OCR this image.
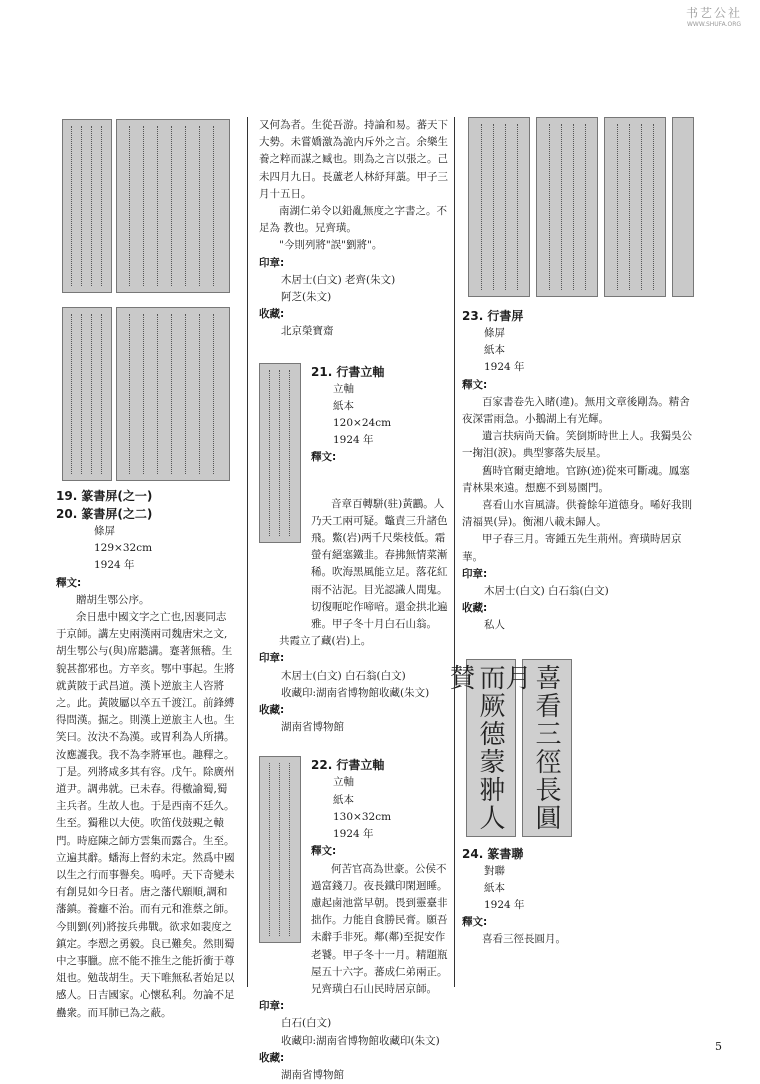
书艺公社
WWW.SHUFA.ORG
19. 篆書屏(之一)
20. 篆書屏(之二)
條屏
129×32cm
1924 年
釋文:

贈胡生鄂公序。

余日患中國文字之亡也,因裹同志于京師。講左史兩漢兩司魏唐宋之文,胡生鄂公与(與)席聽講。蹇著無稽。生貌甚都邪也。方辛亥。鄂中事起。生將就黃陂于武昌道。漢卜逆旅主人咨將之。此。黃陂屬以卒五千渡江。前鋒縛得問漢。掘之。則漢上逆旅主人也。生笑曰。汝決不為漢。或胃利為人所搆。汝應護我。我不為李將軍也。趣釋之。丁是。列將咸多其有容。戊午。除廣州道尹。調弗就。已未春。得檄諭蜀,蜀主兵者。生故人也。于是西南不廷久。生至。獨稚以大使。吹笛伐鼓覡之轅門。時庭陳之師方雲集而露合。生至。立遍其辭。蟠海上督約未定。然爲中國以生之行而事譽矣。嗚呼。天下奇變未有創見如今日者。唐之藩代願順,調和藩鎮。養癰不治。而有元和淮蔡之師。今則劉(列)將按兵弗戰。欲求如裴度之鎮定。李愬之勇毅。良已難矣。然則蜀中之事臘。庶不能不推生之能折衝于尊俎也。勉哉胡生。天下唯無私者始足以感人。日吉國家。心懷私利。勿論不足蠱衆。而耳肺已為之蔽。

又何為者。生從吾游。持論和易。蕃天下大勢。未嘗嬌激為詭内斥外之言。余樂生養之粹而謀之臧也。則為之言以張之。己未四月九日。長蘆老人林紓拜藁。甲子三月十五日。

南湖仁弟令以鉛亂無度之字書之。不足為 教也。兄齊璜。

"今則列將"誤"劉將"。

印章:
木居士(白文) 老齊(朱文)
阿芝(朱文)
收藏:
北京榮寶齋
21. 行書立軸
立軸
紙本
120×24cm
1924 年
釋文:

音章百轉駢(驻)黃鸝。人乃天工兩可疑。鼈責三升諸色飛。鱉(岩)两千尺柴枝低。霜螢有絕塞鐵韭。春拂無情菜漸稀。吹海黑風能立足。落花紅雨不沾泥。目光認識人間鬼。切復呃咜作啼喑。還金拱北遍雅。甲子冬十月白石山翁。

共霞立了藏(岩)上。

印章:
木居士(白文) 白石翁(白文)
收藏印:湖南省博物館收藏(朱文)
收藏:
湖南省博物館
22. 行書立軸
立軸
紙本
130×32cm
1924 年
釋文:

何苦官高為世豪。公侯不過富錢刀。夜長鐵印閑迴睡。慮起鹵池當早朝。畏到靈臺非拙作。力能自食勝民膏。願吾未辭手非死。鄰(鄰)至捉安作老饕。甲子冬十一月。精題瓶屋五十六字。蕃成仁弟兩正。兄齊璜白石山民時居京師。

印章:
白石(白文)
收藏印:湖南省博物館收藏印(朱文)
收藏:
湖南省博物館
23. 行書屏
條屏
紙本
1924 年
釋文:

百家書卷先入睹(違)。無用文章後剛為。精舍夜深雷雨急。小鵝湖上有光輝。

遺言扶病尚天倫。笑倒斯時世上人。我獨吳公一掬泪(淚)。典型寥落失辰星。

舊時官爾吏繪地。官跡(迹)從來可斷魂。鳳塞青林果來遠。想應不到易園門。

喜看山水盲風濤。供養餘年道德身。唏好我則清福異(异)。衡湘八載未歸人。

甲子春三月。寄鍾五先生荊州。齊璜時居京華。

印章:
木居士(白文) 白石翁(白文)
收藏:
私人
而厥德蒙翀人賛	喜看三徑長圓月
24. 篆書聯
對聯
紙本
1924 年
釋文:

喜看三徑長圓月。

5
